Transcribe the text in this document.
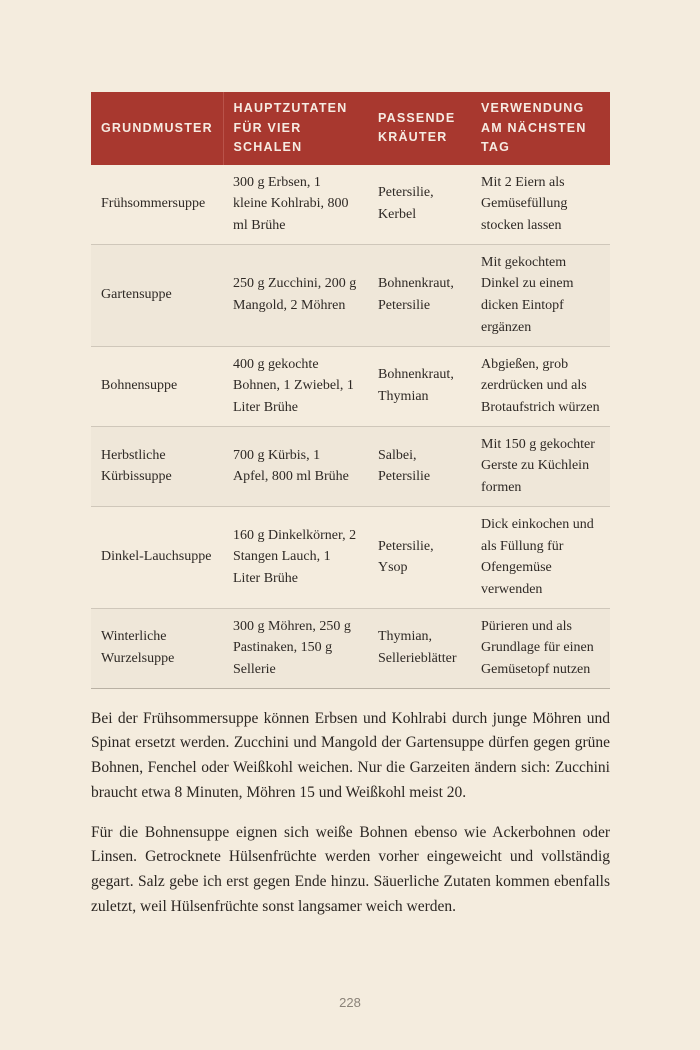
GRUNDMUSTER	HAUPTZUTATEN FÜR VIER SCHALEN	PASSENDE KRÄUTER	VERWENDUNG AM NÄCHSTEN TAG
Frühsommersuppe	300 g Erbsen, 1 kleine Kohlrabi, 800 ml Brühe	Petersilie, Kerbel	Mit 2 Eiern als Gemüsefüllung stocken lassen
Gartensuppe	250 g Zucchini, 200 g Mangold, 2 Möhren	Bohnenkraut, Petersilie	Mit gekochtem Dinkel zu einem dicken Eintopf ergänzen
Bohnensuppe	400 g gekochte Bohnen, 1 Zwiebel, 1 Liter Brühe	Bohnenkraut, Thymian	Abgießen, grob zerdrücken und als Brotaufstrich würzen
Herbstliche Kürbissuppe	700 g Kürbis, 1 Apfel, 800 ml Brühe	Salbei, Petersilie	Mit 150 g gekochter Gerste zu Küchlein formen
Dinkel-Lauchsuppe	160 g Dinkelkörner, 2 Stangen Lauch, 1 Liter Brühe	Petersilie, Ysop	Dick einkochen und als Füllung für Ofengemüse verwenden
Winterliche Wurzelsuppe	300 g Möhren, 250 g Pastinaken, 150 g Sellerie	Thymian, Sellerieblätter	Pürieren und als Grundlage für einen Gemüsetopf nutzen

Bei der Frühsommersuppe können Erbsen und Kohlrabi durch junge Möhren und Spinat ersetzt werden. Zucchini und Mangold der Gartensuppe dürfen gegen grüne Bohnen, Fenchel oder Weißkohl weichen. Nur die Garzeiten ändern sich: Zucchini braucht etwa 8 Minuten, Möhren 15 und Weißkohl meist 20.

Für die Bohnensuppe eignen sich weiße Bohnen ebenso wie Ackerbohnen oder Linsen. Getrocknete Hülsenfrüchte werden vorher eingeweicht und vollständig gegart. Salz gebe ich erst gegen Ende hinzu. Säuerliche Zutaten kommen ebenfalls zuletzt, weil Hülsenfrüchte sonst langsamer weich werden.

228
